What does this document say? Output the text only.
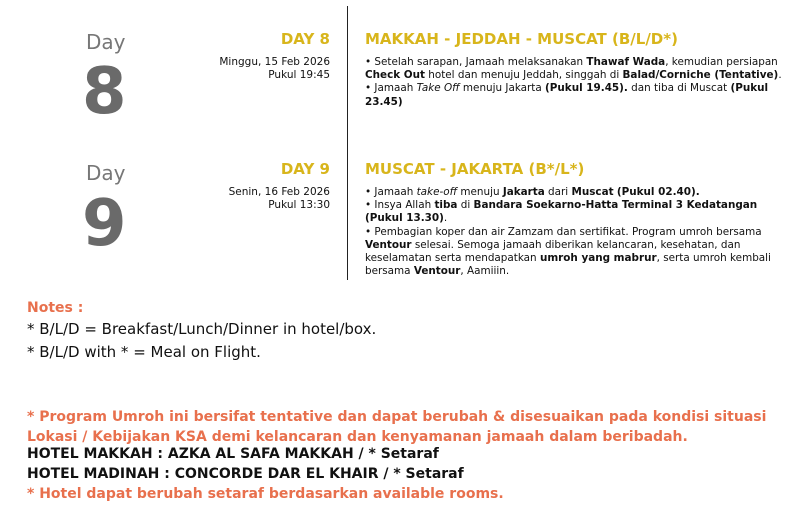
Day
8
DAY 8
Minggu, 15 Feb 2026
Pukul 19:45
MAKKAH - JEDDAH - MUSCAT (B/L/D*)

• Setelah sarapan, Jamaah melaksanakan Thawaf Wada, kemudian persiapan Check Out hotel dan menuju Jeddah, singgah di Balad/Corniche (Tentative).

• Jamaah Take Off menuju Jakarta (Pukul 19.45). dan tiba di Muscat (Pukul 23.45)

Day
9
DAY 9
Senin, 16 Feb 2026
Pukul 13:30
MUSCAT - JAKARTA (B*/L*)

• Jamaah take-off menuju Jakarta dari Muscat (Pukul 02.40).

• Insya Allah tiba di Bandara Soekarno-Hatta Terminal 3 Kedatangan (Pukul 13.30).

• Pembagian koper dan air Zamzam dan sertifikat. Program umroh bersama Ventour selesai. Semoga jamaah diberikan kelancaran, kesehatan, dan keselamatan serta mendapatkan umroh yang mabrur, serta umroh kembali bersama Ventour, Aamiiin.

Notes :
* B/L/D = Breakfast/Lunch/Dinner in hotel/box.
* B/L/D with * = Meal on Flight.
* Program Umroh ini bersifat tentative dan dapat berubah & disesuaikan pada kondisi situasi Lokasi / Kebijakan KSA demi kelancaran dan kenyamanan jamaah dalam beribadah.
HOTEL MAKKAH : AZKA AL SAFA MAKKAH / * Setaraf
HOTEL MADINAH : CONCORDE DAR EL KHAIR / * Setaraf
* Hotel dapat berubah setaraf berdasarkan available rooms.
